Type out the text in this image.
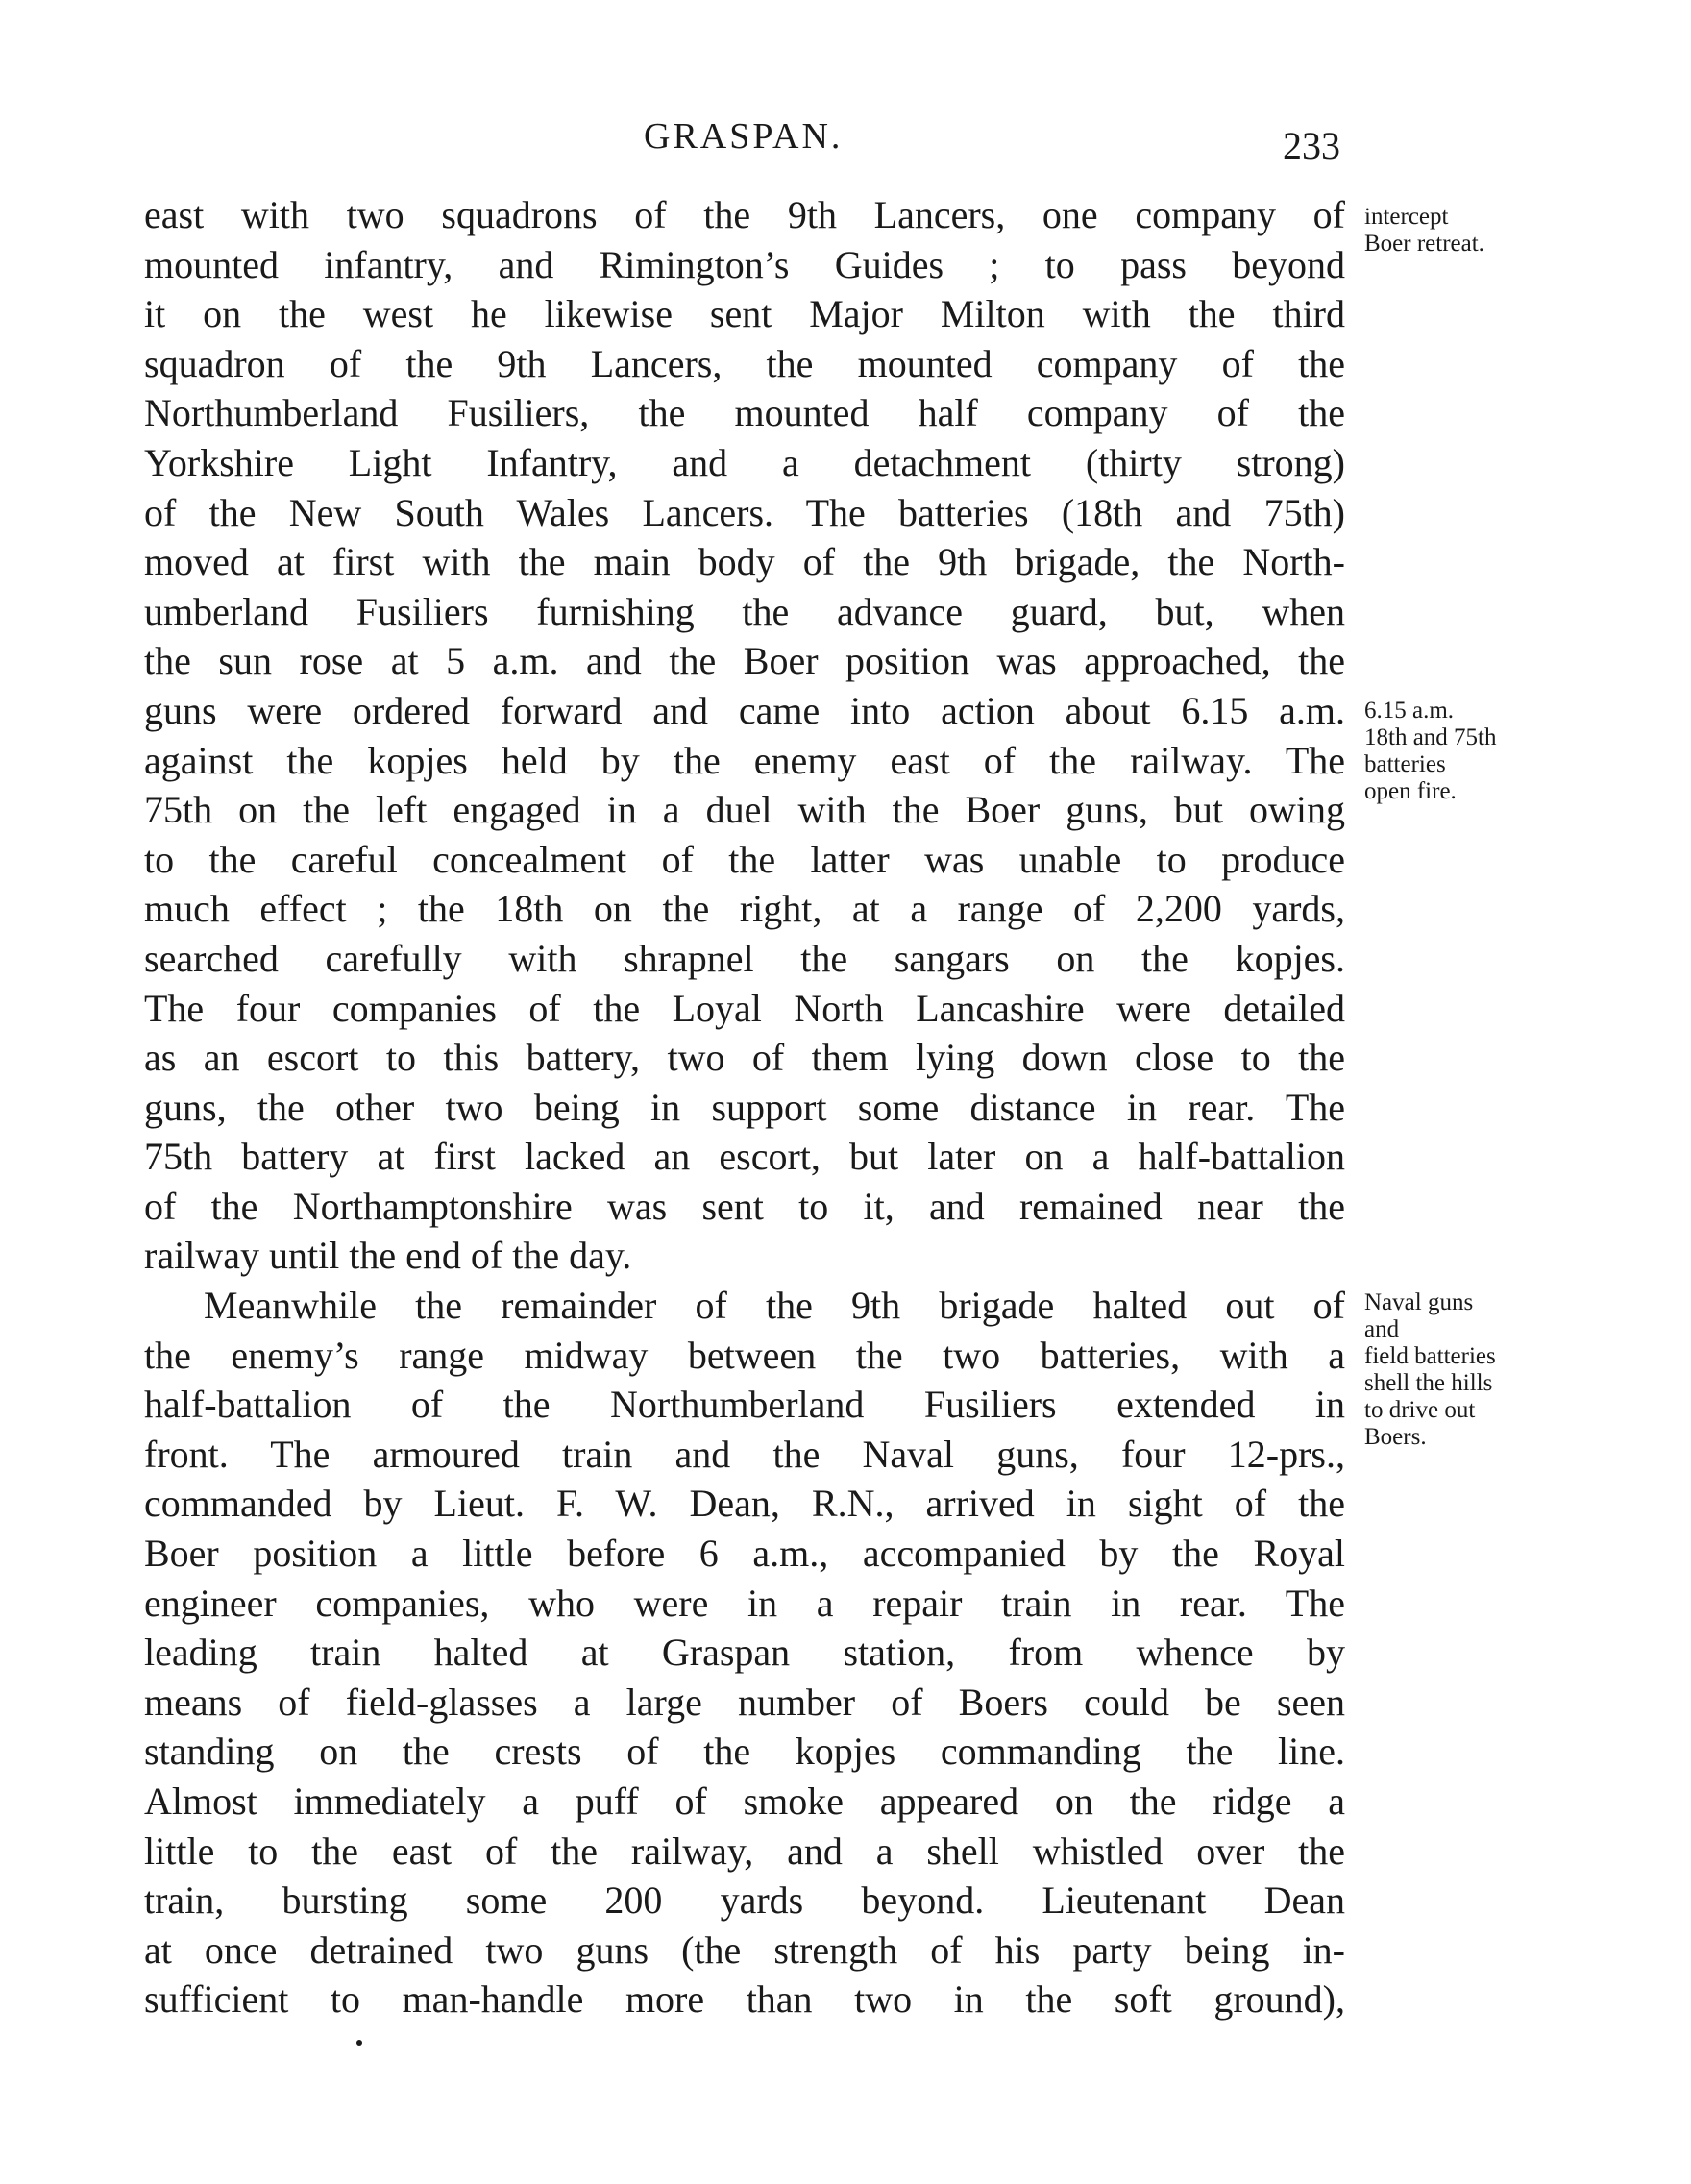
GRASPAN.	233
east with two squadrons of the 9th Lancers, one company of
mounted infantry, and Rimington’s Guides ; to pass beyond
it on the west he likewise sent Major Milton with the third
squadron of the 9th Lancers, the mounted company of the
Northumberland Fusiliers, the mounted half company of the
Yorkshire Light Infantry, and a detachment (thirty strong)
of the New South Wales Lancers. The batteries (18th and 75th)
moved at first with the main body of the 9th brigade, the North-
umberland Fusiliers furnishing the advance guard, but, when
the sun rose at 5 a.m. and the Boer position was approached, the
guns were ordered forward and came into action about 6.15 a.m.
against the kopjes held by the enemy east of the railway. The
75th on the left engaged in a duel with the Boer guns, but owing
to the careful concealment of the latter was unable to produce
much effect ; the 18th on the right, at a range of 2,200 yards,
searched carefully with shrapnel the sangars on the kopjes.
The four companies of the Loyal North Lancashire were detailed
as an escort to this battery, two of them lying down close to the
guns, the other two being in support some distance in rear. The
75th battery at first lacked an escort, but later on a half-battalion
of the Northamptonshire was sent to it, and remained near the
railway until the end of the day.
Meanwhile the remainder of the 9th brigade halted out of
the enemy’s range midway between the two batteries, with a
half-battalion of the Northumberland Fusiliers extended in
front. The armoured train and the Naval guns, four 12-prs.,
commanded by Lieut. F. W. Dean, R.N., arrived in sight of the
Boer position a little before 6 a.m., accompanied by the Royal
engineer companies, who were in a repair train in rear. The
leading train halted at Graspan station, from whence by
means of field-glasses a large number of Boers could be seen
standing on the crests of the kopjes commanding the line.
Almost immediately a puff of smoke appeared on the ridge a
little to the east of the railway, and a shell whistled over the
train, bursting some 200 yards beyond. Lieutenant Dean
at once detrained two guns (the strength of his party being in-
sufficient to man-handle more than two in the soft ground),
intercept
Boer retreat.
6.15 a.m.
18th and 75th
batteries
open fire.
Naval guns
and
field batteries
shell the hills
to drive out
Boers.
